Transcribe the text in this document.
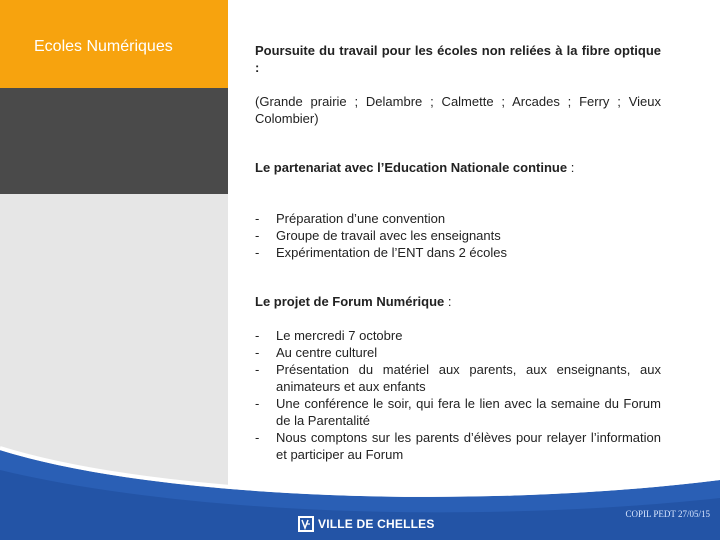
Ecoles Numériques	Poursuite du travail pour les écoles non reliées à la fibre optique :

(Grande prairie ; Delambre ; Calmette ; Arcades ; Ferry ; Vieux Colombier)

Le partenariat avec l’Education Nationale continue :

- Préparation d’une convention
- Groupe de travail avec les enseignants
- Expérimentation de l’ENT dans 2 écoles

Le projet de Forum Numérique :

- Le mercredi 7 octobre
- Au centre culturel
- Présentation du matériel aux parents, aux enseignants, aux animateurs et aux enfants
- Une conférence le soir, qui fera le lien avec la semaine du Forum de la Parentalité
- Nous comptons sur les parents d’élèves pour relayer l’information et participer au Forum
VILLE DE CHELLES
COPIL PEDT 27/05/15
